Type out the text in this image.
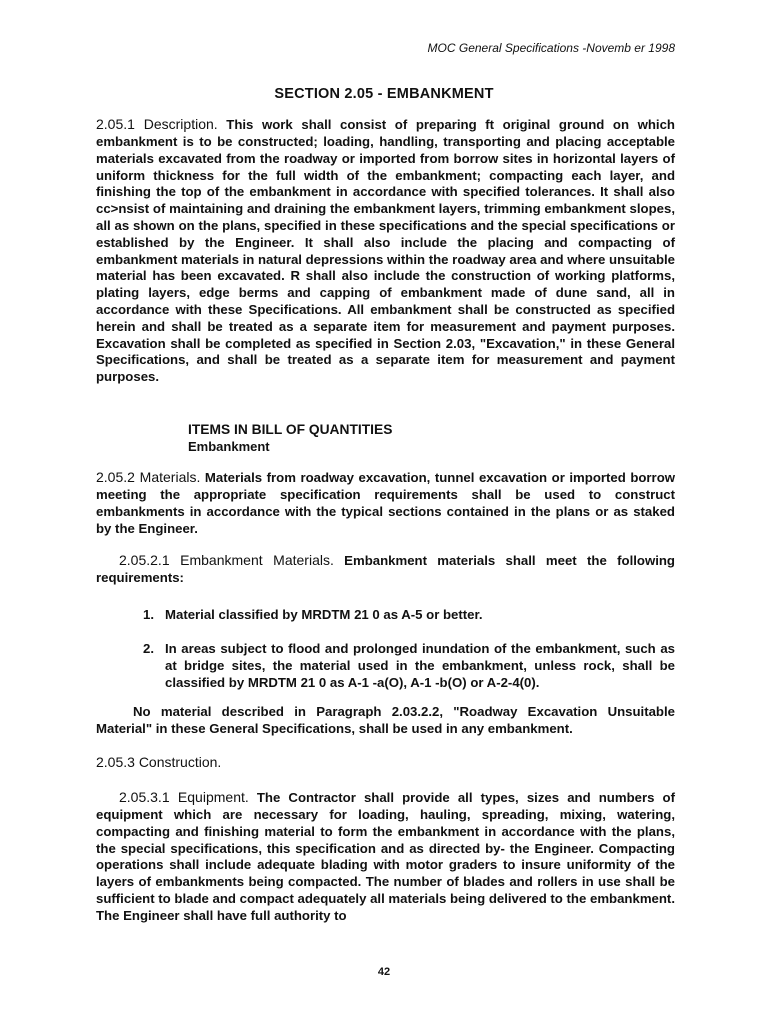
MOC General Specifications -Novemb er 1998
SECTION 2.05 - EMBANKMENT

2.05.1 Description. This work shall consist of preparing ft original ground on which embankment is to be constructed; loading, handling, transporting and placing acceptable materials excavated from the roadway or imported from borrow sites in horizontal layers of uniform thickness for the full width of the embankment; compacting each layer, and finishing the top of the embankment in accordance with specified tolerances. It shall also cc>nsist of maintaining and draining the embankment layers, trimming embankment slopes, all as shown on the plans, specified in these specifications and the special specifications or established by the Engineer. It shall also include the placing and compacting of embankment materials in natural depressions within the roadway area and where unsuitable material has been excavated. R shall also include the construction of working platforms, plating layers, edge berms and capping of embankment made of dune sand, all in accordance with these Specifications. All embankment shall be constructed as specified herein and shall be treated as a separate item for measurement and payment purposes. Excavation shall be completed as specified in Section 2.03, "Excavation," in these General Specifications, and shall be treated as a separate item for measurement and payment purposes.

ITEMS IN BILL OF QUANTITIES
Embankment

2.05.2 Materials. Materials from roadway excavation, tunnel excavation or imported borrow meeting the appropriate specification requirements shall be used to construct embankments in accordance with the typical sections contained in the plans or as staked by the Engineer.

2.05.2.1 Embankment Materials. Embankment materials shall meet the following requirements:

1. Material classified by MRDTM 21 0 as A-5 or better.
2. In areas subject to flood and prolonged inundation of the embankment, such as at bridge sites, the material used in the embankment, unless rock, shall be classified by MRDTM 21 0 as A-1 -a(O), A-1 -b(O) or A-2-4(0).

No material described in Paragraph 2.03.2.2, "Roadway Excavation Unsuitable Material" in these General Specifications, shall be used in any embankment.

2.05.3 Construction.

2.05.3.1 Equipment. The Contractor shall provide all types, sizes and numbers of equipment which are necessary for loading, hauling, spreading, mixing, watering, compacting and finishing material to form the embankment in accordance with the plans, the special specifications, this specification and as directed by- the Engineer. Compacting operations shall include adequate blading with motor graders to insure uniformity of the layers of embankments being compacted. The number of blades and rollers in use shall be sufficient to blade and compact adequately all materials being delivered to the embankment. The Engineer shall have full authority to

42
